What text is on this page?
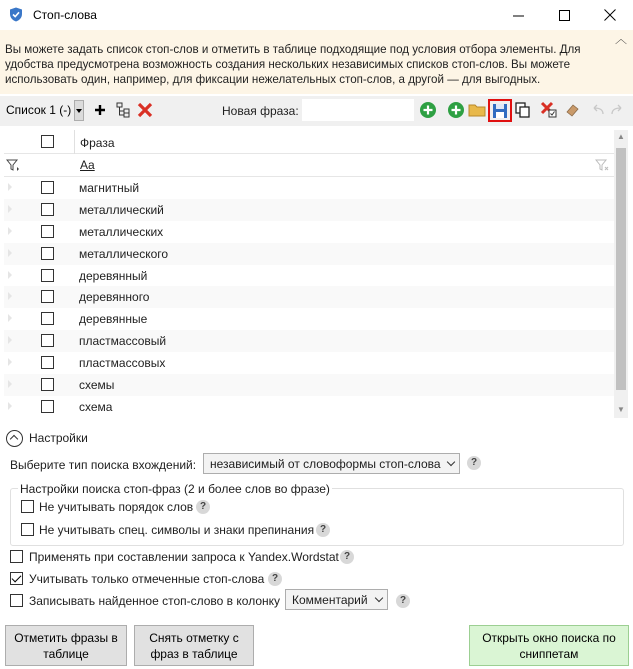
Стоп-слова
Вы можете задать список стоп-слов и отметить в таблице подходящие под условия отбора элементы. Для удобства предусмотрена возможность создания нескольких независимых списков стоп-слов. Вы можете использовать один, например, для фиксации нежелательных стоп-слов, а другой — для выгодных.
︿
Список 1 (-)	Новая фраза:
Фраза
Aa
магнитный
металлический
металлических
металлического
деревянный
деревянного
деревянные
пластмассовый
пластмассовых
схемы
схема
▲
▼
Настройки
Выберите тип поиска вхождений:	независимый от словоформы стоп-слова	?
Настройки поиска стоп-фраз (2 и более слов во фразе)
Не учитывать порядок слов ?
Не учитывать спец. символы и знаки препинания ?
Применять при составлении запроса к Yandex.Wordstat ?
Учитывать только отмеченные стоп-слова ?
Записывать найденное стоп-слово в колонку Комментарий	?
Отметить фразы в таблице
Снять отметку с фраз в таблице
Открыть окно поиска по сниппетам
